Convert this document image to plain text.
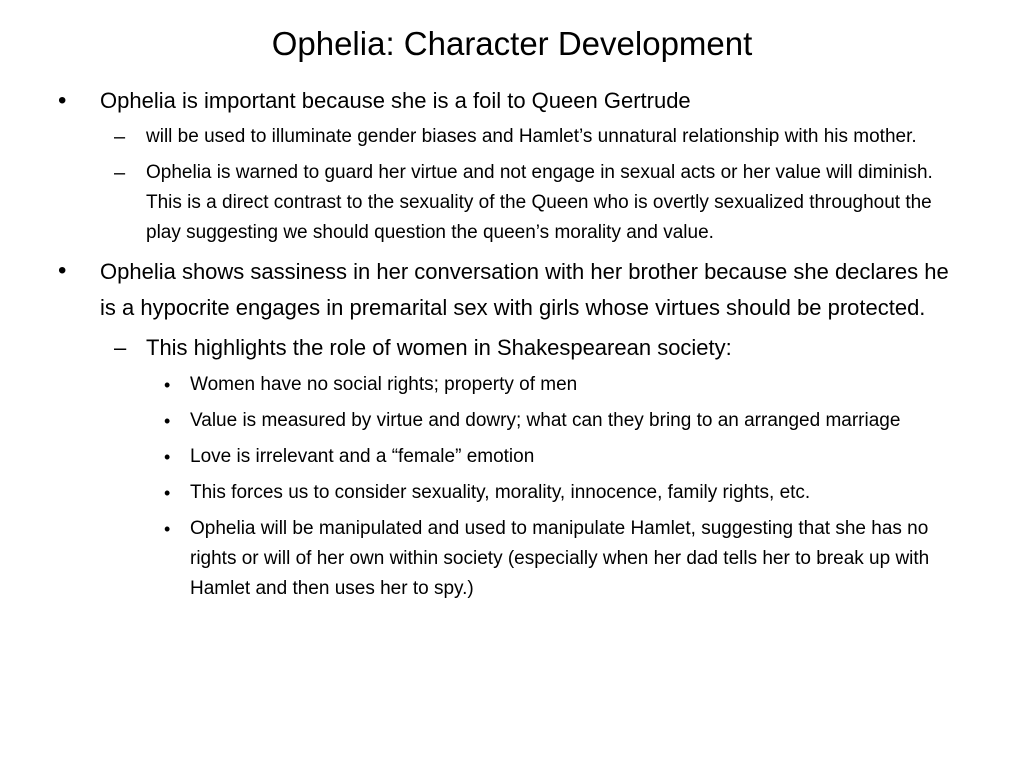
Ophelia: Character Development
• Ophelia is important because she is a foil to Queen Gertrude
– will be used to illuminate gender biases and Hamlet’s unnatural relationship with his mother.
– Ophelia is warned to guard her virtue and not engage in sexual acts or her value will diminish. This is a direct contrast to the sexuality of the Queen who is overtly sexualized throughout the play suggesting we should question the queen’s morality and value.
• Ophelia shows sassiness in her conversation with her brother because she declares he is a hypocrite engages in premarital sex with girls whose virtues should be protected.
– This highlights the role of women in Shakespearean society:
• Women have no social rights; property of men
• Value is measured by virtue and dowry; what can they bring to an arranged marriage
• Love is irrelevant and a “female” emotion
• This forces us to consider sexuality, morality, innocence, family rights, etc.
• Ophelia will be manipulated and used to manipulate Hamlet, suggesting that she has no rights or will of her own within society (especially when her dad tells her to break up with Hamlet and then uses her to spy.)
